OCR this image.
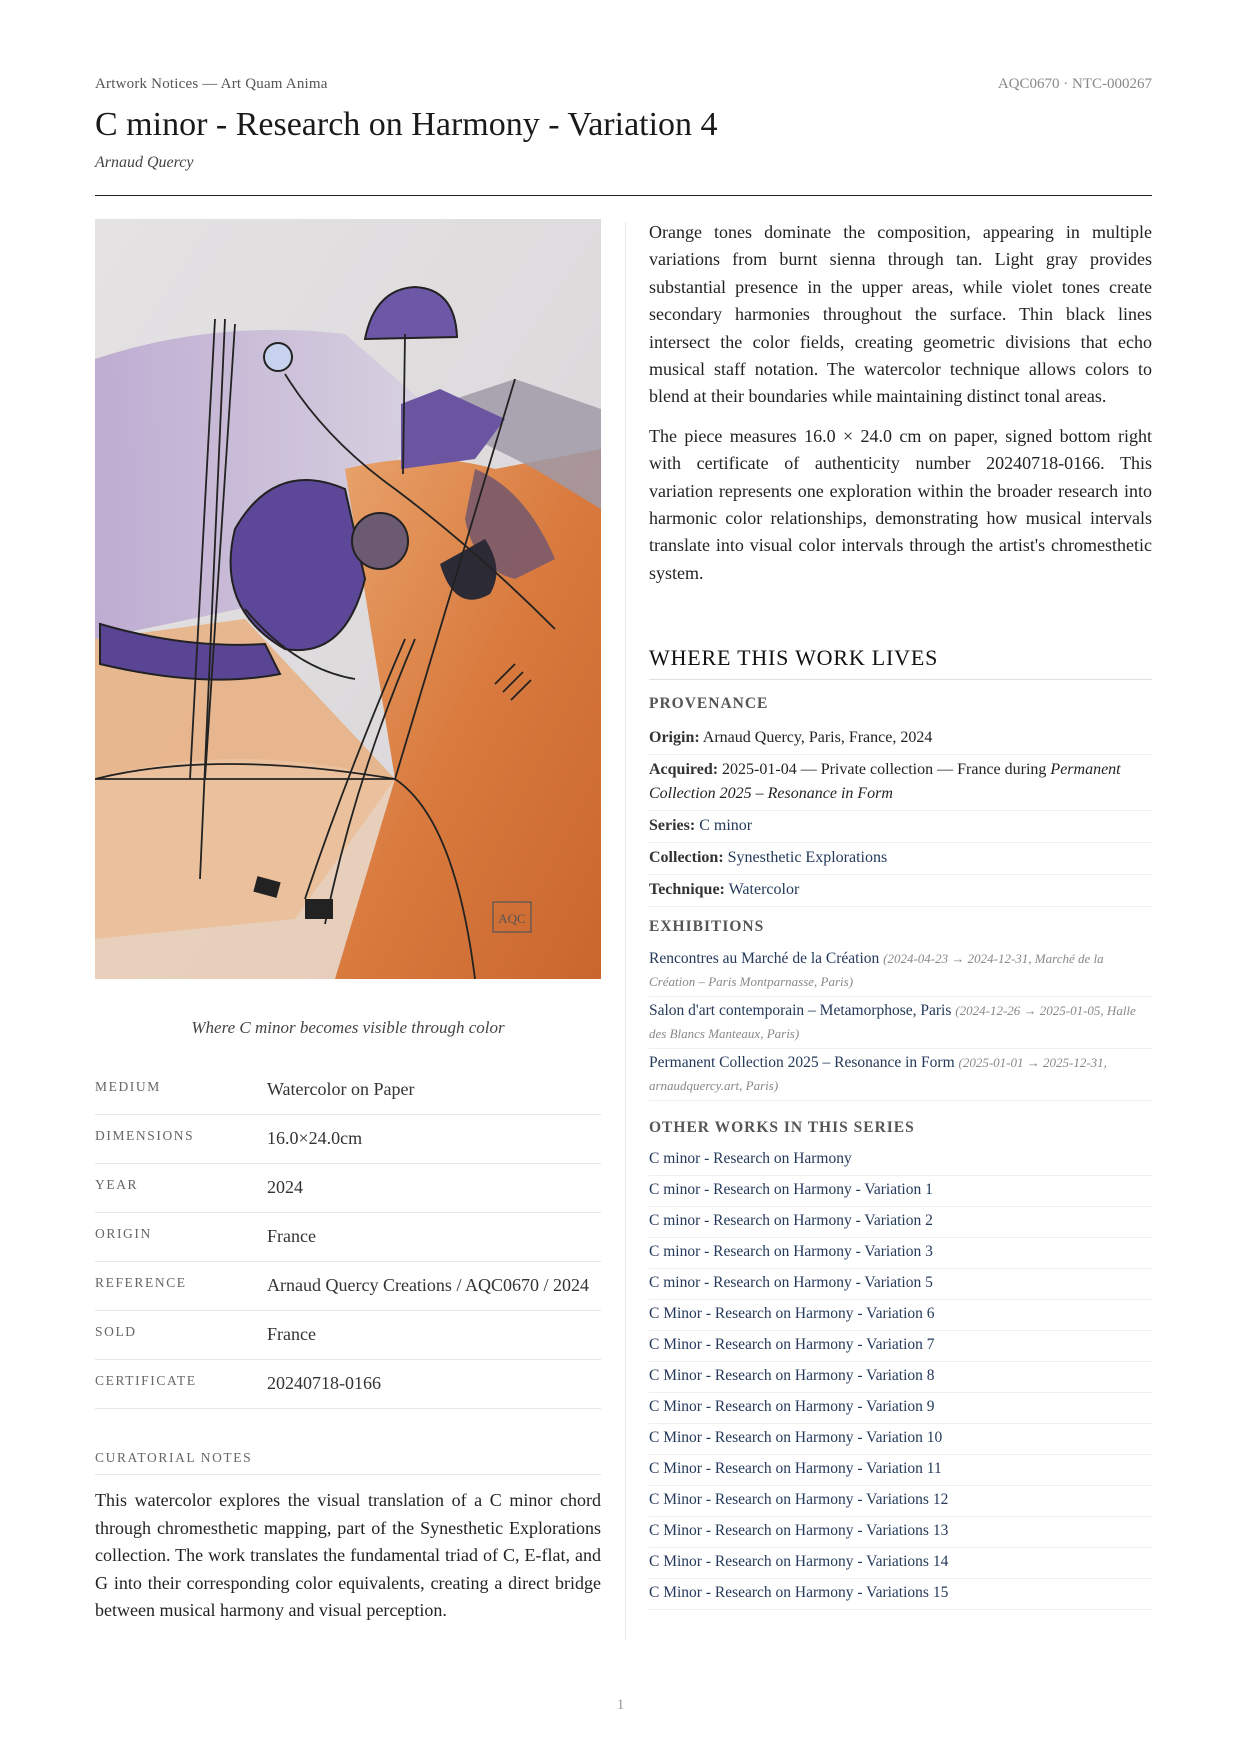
Artwork Notices — Art Quam Anima	AQC0670 · NTC-000267
C minor - Research on Harmony - Variation 4
Arnaud Quercy
AQC
Where C minor becomes visible through color
MEDIUM	Watercolor on Paper
DIMENSIONS	16.0×24.0cm
YEAR	2024
ORIGIN	France
REFERENCE	Arnaud Quercy Creations / AQC0670 / 2024
SOLD	France
CERTIFICATE	20240718-0166
CURATORIAL NOTES

This watercolor explores the visual translation of a C minor chord through chromesthetic mapping, part of the Synesthetic Explorations collection. The work translates the fundamental triad of C, E-flat, and G into their corresponding color equivalents, creating a direct bridge between musical harmony and visual perception.

Orange tones dominate the composition, appearing in multiple variations from burnt sienna through tan. Light gray provides substantial presence in the upper areas, while violet tones create secondary harmonies throughout the surface. Thin black lines intersect the color fields, creating geometric divisions that echo musical staff notation. The watercolor technique allows colors to blend at their boundaries while maintaining distinct tonal areas.

The piece measures 16.0 × 24.0 cm on paper, signed bottom right with certificate of authenticity number 20240718-0166. This variation represents one exploration within the broader research into harmonic color relationships, demonstrating how musical intervals translate into visual color intervals through the artist's chromesthetic system.

WHERE THIS WORK LIVES
PROVENANCE
Origin: Arnaud Quercy, Paris, France, 2024
Acquired: 2025-01-04 — Private collection — France during Permanent Collection 2025 – Resonance in Form
Series: C minor
Collection: Synesthetic Explorations
Technique: Watercolor
EXHIBITIONS
Rencontres au Marché de la Création (2024-04-23 → 2024-12-31, Marché de la Création – Paris Montparnasse, Paris)
Salon d'art contemporain – Metamorphose, Paris (2024-12-26 → 2025-01-05, Halle des Blancs Manteaux, Paris)
Permanent Collection 2025 – Resonance in Form (2025-01-01 → 2025-12-31, arnaudquercy.art, Paris)
OTHER WORKS IN THIS SERIES
C minor - Research on Harmony
C minor - Research on Harmony - Variation 1
C minor - Research on Harmony - Variation 2
C minor - Research on Harmony - Variation 3
C minor - Research on Harmony - Variation 5
C Minor - Research on Harmony - Variation 6
C Minor - Research on Harmony - Variation 7
C Minor - Research on Harmony - Variation 8
C Minor - Research on Harmony - Variation 9
C Minor - Research on Harmony - Variation 10
C Minor - Research on Harmony - Variation 11
C Minor - Research on Harmony - Variations 12
C Minor - Research on Harmony - Variations 13
C Minor - Research on Harmony - Variations 14
C Minor - Research on Harmony - Variations 15
1
